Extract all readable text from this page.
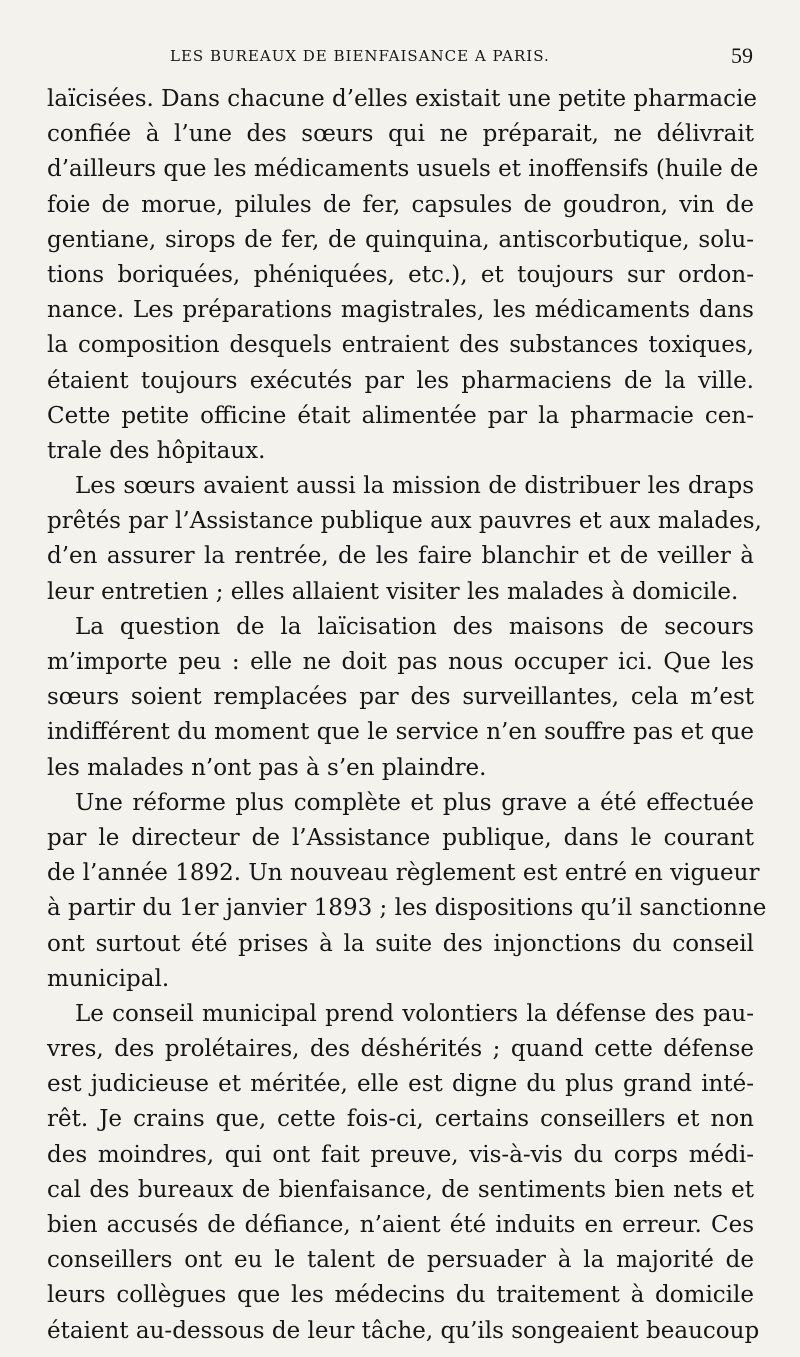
LES BUREAUX DE BIENFAISANCE A PARIS.	59
laïcisées. Dans chacune d’elles existait une petite pharmacie
confiée à l’une des sœurs qui ne préparait, ne délivrait
d’ailleurs que les médicaments usuels et inoffensifs (huile de
foie de morue, pilules de fer, capsules de goudron, vin de
gentiane, sirops de fer, de quinquina, antiscorbutique, solu-
tions boriquées, phéniquées, etc.), et toujours sur ordon-
nance. Les préparations magistrales, les médicaments dans
la composition desquels entraient des substances toxiques,
étaient toujours exécutés par les pharmaciens de la ville.
Cette petite officine était alimentée par la pharmacie cen-
trale des hôpitaux.
Les sœurs avaient aussi la mission de distribuer les draps
prêtés par l’Assistance publique aux pauvres et aux malades,
d’en assurer la rentrée, de les faire blanchir et de veiller à
leur entretien ; elles allaient visiter les malades à domicile.
La question de la laïcisation des maisons de secours
m’importe peu : elle ne doit pas nous occuper ici. Que les
sœurs soient remplacées par des surveillantes, cela m’est
indifférent du moment que le service n’en souffre pas et que
les malades n’ont pas à s’en plaindre.
Une réforme plus complète et plus grave a été effectuée
par le directeur de l’Assistance publique, dans le courant
de l’année 1892. Un nouveau règlement est entré en vigueur
à partir du 1er janvier 1893 ; les dispositions qu’il sanctionne
ont surtout été prises à la suite des injonctions du conseil
municipal.
Le conseil municipal prend volontiers la défense des pau-
vres, des prolétaires, des déshérités ; quand cette défense
est judicieuse et méritée, elle est digne du plus grand inté-
rêt. Je crains que, cette fois-ci, certains conseillers et non
des moindres, qui ont fait preuve, vis-à-vis du corps médi-
cal des bureaux de bienfaisance, de sentiments bien nets et
bien accusés de défiance, n’aient été induits en erreur. Ces
conseillers ont eu le talent de persuader à la majorité de
leurs collègues que les médecins du traitement à domicile
étaient au-dessous de leur tâche, qu’ils songeaient beaucoup
